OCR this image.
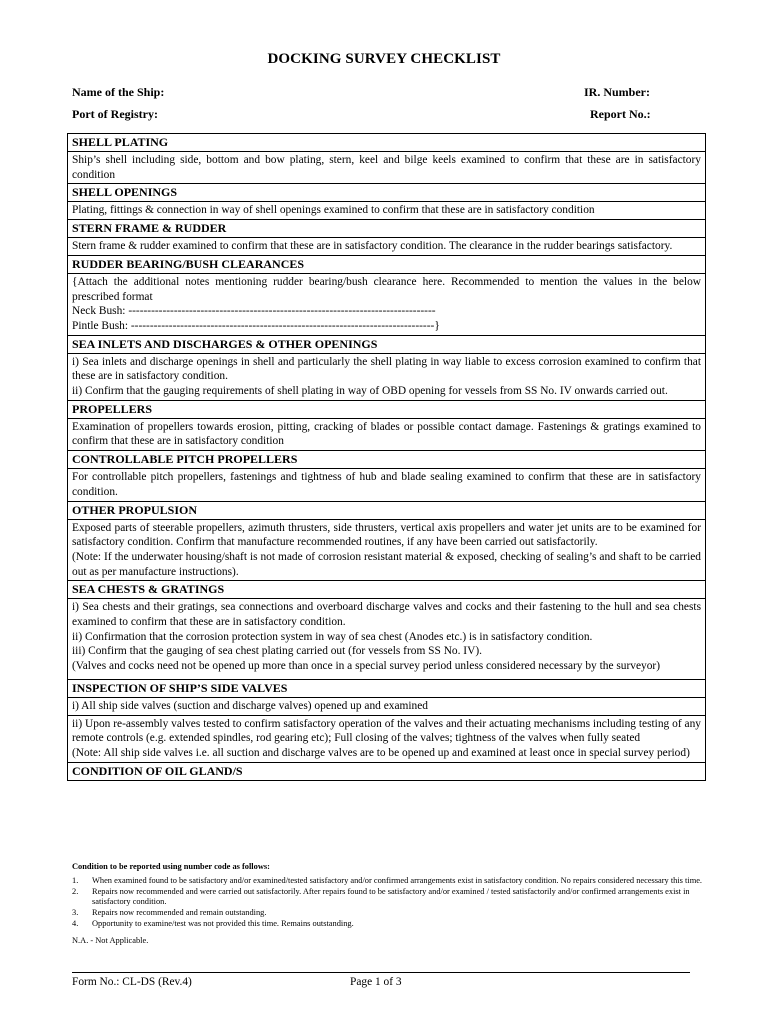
DOCKING SURVEY CHECKLIST
Name of the Ship:	IR. Number:
Port of Registry:	Report No.:
SHELL PLATING

Ship’s shell including side, bottom and bow plating, stern, keel and bilge keels examined to confirm that these are in satisfactory condition

SHELL OPENINGS

Plating, fittings & connection in way of shell openings examined to confirm that these are in satisfactory condition

STERN FRAME & RUDDER

Stern frame & rudder examined to confirm that these are in satisfactory condition. The clearance in the rudder bearings satisfactory.

RUDDER BEARING/BUSH CLEARANCES

{Attach the additional notes mentioning rudder bearing/bush clearance here. Recommended to mention the values in the below prescribed format

Neck Bush: ---------------------------------------------------------------------------------

Pintle Bush: --------------------------------------------------------------------------------}

SEA INLETS AND DISCHARGES & OTHER OPENINGS

i) Sea inlets and discharge openings in shell and particularly the shell plating in way liable to excess corrosion examined to confirm that these are in satisfactory condition.

ii) Confirm that the gauging requirements of shell plating in way of OBD opening for vessels from SS No. IV onwards carried out.

PROPELLERS

Examination of propellers towards erosion, pitting, cracking of blades or possible contact damage. Fastenings & gratings examined to confirm that these are in satisfactory condition

CONTROLLABLE PITCH PROPELLERS

For controllable pitch propellers, fastenings and tightness of hub and blade sealing examined to confirm that these are in satisfactory condition.

OTHER PROPULSION

Exposed parts of steerable propellers, azimuth thrusters, side thrusters, vertical axis propellers and water jet units are to be examined for satisfactory condition. Confirm that manufacture recommended routines, if any have been carried out satisfactorily.

(Note: If the underwater housing/shaft is not made of corrosion resistant material & exposed, checking of sealing’s and shaft to be carried out as per manufacture instructions).

SEA CHESTS & GRATINGS

i) Sea chests and their gratings, sea connections and overboard discharge valves and cocks and their fastening to the hull and sea chests examined to confirm that these are in satisfactory condition.

ii) Confirmation that the corrosion protection system in way of sea chest (Anodes etc.) is in satisfactory condition.

iii) Confirm that the gauging of sea chest plating carried out (for vessels from SS No. IV).

(Valves and cocks need not be opened up more than once in a special survey period unless considered necessary by the surveyor)

INSPECTION OF SHIP’S SIDE VALVES

i) All ship side valves (suction and discharge valves) opened up and examined

ii) Upon re-assembly valves tested to confirm satisfactory operation of the valves and their actuating mechanisms including testing of any remote controls (e.g. extended spindles, rod gearing etc); Full closing of the valves; tightness of the valves when fully seated

(Note: All ship side valves i.e. all suction and discharge valves are to be opened up and examined at least once in special survey period)

CONDITION OF OIL GLAND/S
Condition to be reported using number code as follows:
1. When examined found to be satisfactory and/or examined/tested satisfactory and/or confirmed arrangements exist in satisfactory condition. No repairs considered necessary this time.
2. Repairs now recommended and were carried out satisfactorily. After repairs found to be satisfactory and/or examined / tested satisfactorily and/or confirmed arrangements exist in satisfactory condition.
3. Repairs now recommended and remain outstanding.
4. Opportunity to examine/test was not provided this time. Remains outstanding.
N.A. - Not Applicable.
Form No.: CL-DS (Rev.4)	Page 1 of 3
